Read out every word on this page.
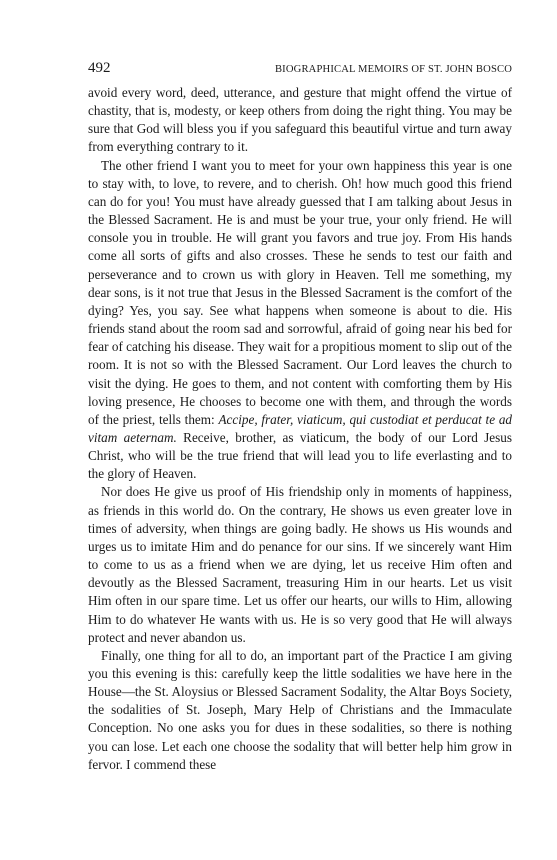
492	BIOGRAPHICAL MEMOIRS OF ST. JOHN BOSCO

avoid every word, deed, utterance, and gesture that might offend the virtue of chastity, that is, modesty, or keep others from doing the right thing. You may be sure that God will bless you if you safeguard this beautiful virtue and turn away from everything contrary to it.

The other friend I want you to meet for your own happiness this year is one to stay with, to love, to revere, and to cherish. Oh! how much good this friend can do for you! You must have already guessed that I am talking about Jesus in the Blessed Sacrament. He is and must be your true, your only friend. He will console you in trouble. He will grant you favors and true joy. From His hands come all sorts of gifts and also crosses. These he sends to test our faith and perseverance and to crown us with glory in Heaven. Tell me something, my dear sons, is it not true that Jesus in the Blessed Sacrament is the comfort of the dying? Yes, you say. See what happens when someone is about to die. His friends stand about the room sad and sorrowful, afraid of going near his bed for fear of catching his disease. They wait for a propitious moment to slip out of the room. It is not so with the Blessed Sacrament. Our Lord leaves the church to visit the dying. He goes to them, and not content with comforting them by His loving presence, He chooses to become one with them, and through the words of the priest, tells them: Accipe, frater, viaticum, qui custodiat et perducat te ad vitam aeternam. Receive, brother, as viaticum, the body of our Lord Jesus Christ, who will be the true friend that will lead you to life everlasting and to the glory of Heaven.

Nor does He give us proof of His friendship only in moments of happiness, as friends in this world do. On the contrary, He shows us even greater love in times of adversity, when things are going badly. He shows us His wounds and urges us to imitate Him and do penance for our sins. If we sincerely want Him to come to us as a friend when we are dying, let us receive Him often and devoutly as the Blessed Sacrament, treasuring Him in our hearts. Let us visit Him often in our spare time. Let us offer our hearts, our wills to Him, allowing Him to do whatever He wants with us. He is so very good that He will always protect and never abandon us.

Finally, one thing for all to do, an important part of the Practice I am giving you this evening is this: carefully keep the little sodalities we have here in the House—the St. Aloysius or Blessed Sacrament Sodality, the Altar Boys Society, the sodalities of St. Joseph, Mary Help of Christians and the Immaculate Conception. No one asks you for dues in these sodalities, so there is nothing you can lose. Let each one choose the sodality that will better help him grow in fervor. I commend these
